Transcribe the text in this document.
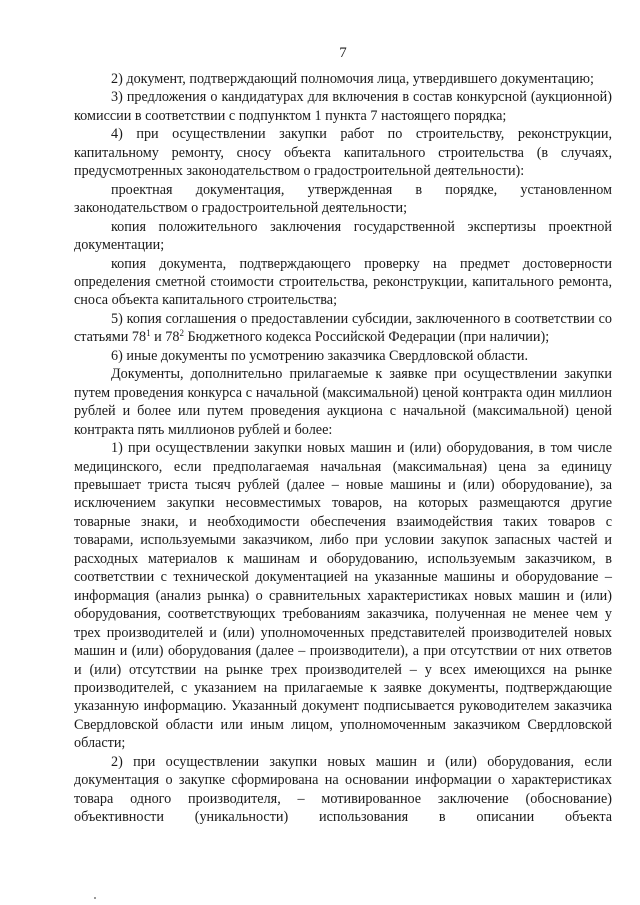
7

2) документ, подтверждающий полномочия лица, утвердившего документацию;

3) предложения о кандидатурах для включения в состав конкурсной (аукционной) комиссии в соответствии с подпунктом 1 пункта 7 настоящего порядка;

4) при осуществлении закупки работ по строительству, реконструкции, капитальному ремонту, сносу объекта капитального строительства (в случаях, предусмотренных законодательством о градостроительной деятельности):

проектная документация, утвержденная в порядке, установленном законодательством о градостроительной деятельности;

копия положительного заключения государственной экспертизы проектной документации;

копия документа, подтверждающего проверку на предмет достоверности определения сметной стоимости строительства, реконструкции, капитального ремонта, сноса объекта капитального строительства;

5) копия соглашения о предоставлении субсидии, заключенного в соответствии со статьями $78^1$ и $78^2$ Бюджетного кодекса Российской Федерации (при наличии);

6) иные документы по усмотрению заказчика Свердловской области.

Документы, дополнительно прилагаемые к заявке при осуществлении закупки путем проведения конкурса с начальной (максимальной) ценой контракта один миллион рублей и более или путем проведения аукциона с начальной (максимальной) ценой контракта пять миллионов рублей и более:

1) при осуществлении закупки новых машин и (или) оборудования, в том числе медицинского, если предполагаемая начальная (максимальная) цена за единицу превышает триста тысяч рублей (далее – новые машины и (или) оборудование), за исключением закупки несовместимых товаров, на которых размещаются другие товарные знаки, и необходимости обеспечения взаимодействия таких товаров с товарами, используемыми заказчиком, либо при условии закупок запасных частей и расходных материалов к машинам и оборудованию, используемым заказчиком, в соответствии с технической документацией на указанные машины и оборудование – информация (анализ рынка) о сравнительных характеристиках новых машин и (или) оборудования, соответствующих требованиям заказчика, полученная не менее чем у трех производителей и (или) уполномоченных представителей производителей новых машин и (или) оборудования (далее – производители), а при отсутствии от них ответов и (или) отсутствии на рынке трех производителей – у всех имеющихся на рынке производителей, с указанием на прилагаемые к заявке документы, подтверждающие указанную информацию. Указанный документ подписывается руководителем заказчика Свердловской области или иным лицом, уполномоченным заказчиком Свердловской области;

2) при осуществлении закупки новых машин и (или) оборудования, если документация о закупке сформирована на основании информации о характеристиках товара одного производителя, – мотивированное заключение (обоснование) объективности (уникальности) использования в описании объекта
